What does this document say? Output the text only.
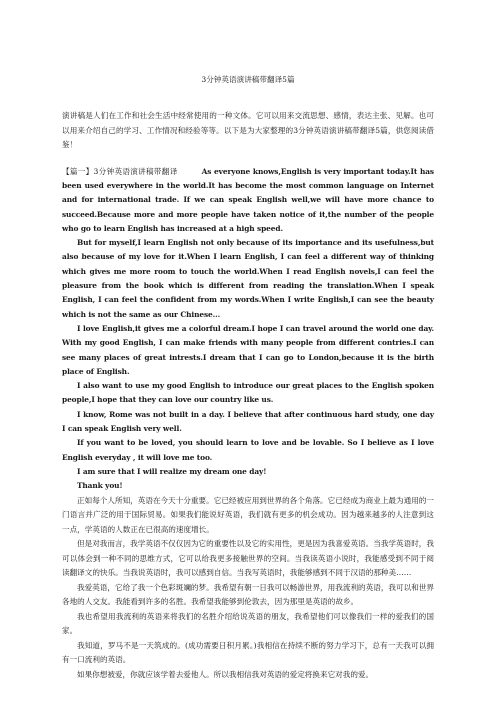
3分钟英语演讲稿带翻译5篇

演讲稿是人们在工作和社会生活中经常使用的一种文体。它可以用来交流思想、感情，表达主张、见解。也可以用来介绍自己的学习、工作情况和经验等等。以下是为大家整理的3分钟英语演讲稿带翻译5篇，供您阅读借鉴！

【篇一】3分钟英语演讲稿带翻译	As everyone knows,English is very important today.It has been used everywhere in the world.It has become the most common language on Internet and for international trade. If we can speak English well,we will have more chance to succeed.Because more and more people have taken notice of it,the number of the people who go to learn English has increased at a high speed.

But for myself,I learn English not only because of its importance and its usefulness,but also because of my love for it.When I learn English, I can feel a different way of thinking which gives me more room to touch the world.When I read English novels,I can feel the pleasure from the book which is different from reading the translation.When I speak English, I can feel the confident from my words.When I write English,I can see the beauty which is not the same as our Chinese...

I love English,it gives me a colorful dream.I hope I can travel around the world one day. With my good English, I can make friends with many people from different contries.I can see many places of great intrests.I dream that I can go to London,because it is the birth place of English.

I also want to use my good English to introduce our great places to the English spoken people,I hope that they can love our country like us.

I know, Rome was not built in a day. I believe that after continuous hard study, one day I can speak English very well.

If you want to be loved, you should learn to love and be lovable. So I believe as I love English everyday , it will love me too.

I am sure that I will realize my dream one day!

Thank you!

正如每个人所知，英语在今天十分重要。它已经被应用到世界的各个角落。它已经成为商业上最为通用的一门语言并广泛的用于国际贸易。如果我们能说好英语，我们就有更多的机会成功。因为越来越多的人注意到这一点，学英语的人数正在已很高的速度增长。

但是对我而言，我学英语不仅仅因为它的重要性以及它的实用性，更是因为我喜爱英语。当我学英语时，我可以体会到一种不同的思维方式，它可以给我更多接触世界的空间。当我读英语小说时，我能感受到不同于阅读翻译文的快乐。当我说英语时，我可以感到自信。当我写英语时，我能够感到不同于汉语的那种美……

我爱英语，它给了我一个色彩斑斓的梦。我希望有朝一日我可以畅游世界，用我流利的英语，我可以和世界各地的人交友。我能看到许多的名胜。我希望我能够到伦敦去，因为那里是英语的故乡。

我也希望用我流利的英语来将我们的名胜介绍给说英语的朋友，我希望他们可以像我们一样的爱我们的国家。

我知道，罗马不是一天筑成的。(成功需要日积月累。)我相信在持续不断的努力学习下，总有一天我可以拥有一口流利的英语。

如果你想被爱，你就应该学着去爱他人。所以我相信我对英语的爱定将换来它对我的爱。
